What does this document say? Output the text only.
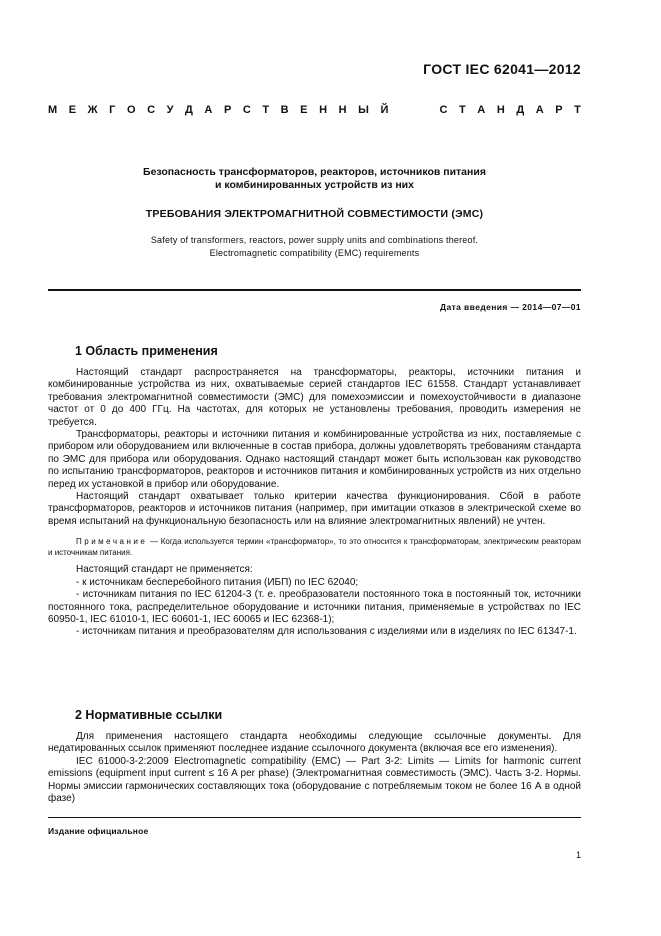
ГОСТ IEC 62041—2012
М Е Ж Г О С У Д А Р С Т В Е Н Н Ы Й	С Т А Н Д А Р Т

Безопасность трансформаторов, реакторов, источников питания
и комбинированных устройств из них

ТРЕБОВАНИЯ ЭЛЕКТРОМАГНИТНОЙ СОВМЕСТИМОСТИ (ЭМС)

Safety of transformers, reactors, power supply units and combinations thereof.
Electromagnetic compatibility (EMC) requirements

Дата введения — 2014—07—01
1 Область применения

Настоящий стандарт распространяется на трансформаторы, реакторы, источники питания и комбинированные устройства из них, охватываемые серией стандартов IEC 61558. Стандарт устанавливает требования электромагнитной совместимости (ЭМС) для помехоэмиссии и помехоустойчивости в диапазоне частот от 0 до 400 ГГц. На частотах, для которых не установлены требования, проводить измерения не требуется.

Трансформаторы, реакторы и источники питания и комбинированные устройства из них, поставляемые с прибором или оборудованием или включенные в состав прибора, должны удовлетворять требованиям стандарта по ЭМС для прибора или оборудования. Однако настоящий стандарт может быть использован как руководство по испытанию трансформаторов, реакторов и источников питания и комбинированных устройств из них отдельно перед их установкой в прибор или оборудование.

Настоящий стандарт охватывает только критерии качества функционирования. Сбой в работе трансформаторов, реакторов и источников питания (например, при имитации отказов в электрической схеме во время испытаний на функциональную безопасность или на влияние электромагнитных явлений) не учтен.

Примечание — Когда используется термин «трансформатор», то это относится к трансформаторам, электрическим реакторам и источникам питания.

Настоящий стандарт не применяется:

- к источникам бесперебойного питания (ИБП) по IEC 62040;

- источникам питания по IEC 61204-3 (т. е. преобразователи постоянного тока в постоянный ток, источники постоянного тока, распределительное оборудование и источники питания, применяемые в устройствах по IEC 60950-1, IEC 61010-1, IEC 60601-1, IEC 60065 и IEC 62368-1);

- источникам питания и преобразователям для использования с изделиями или в изделиях по IEC 61347-1.

2 Нормативные ссылки

Для применения настоящего стандарта необходимы следующие ссылочные документы. Для недатированных ссылок применяют последнее издание ссылочного документа (включая все его изменения).

IEC 61000-3-2:2009 Electromagnetic compatibility (EMC) — Part 3-2: Limits — Limits for harmonic current emissions (equipment input current ≤ 16 A per phase) (Электромагнитная совместимость (ЭМС). Часть 3-2. Нормы. Нормы эмиссии гармонических составляющих тока (оборудование с потребляемым током не более 16 А в одной фазе)

Издание официальное
1
